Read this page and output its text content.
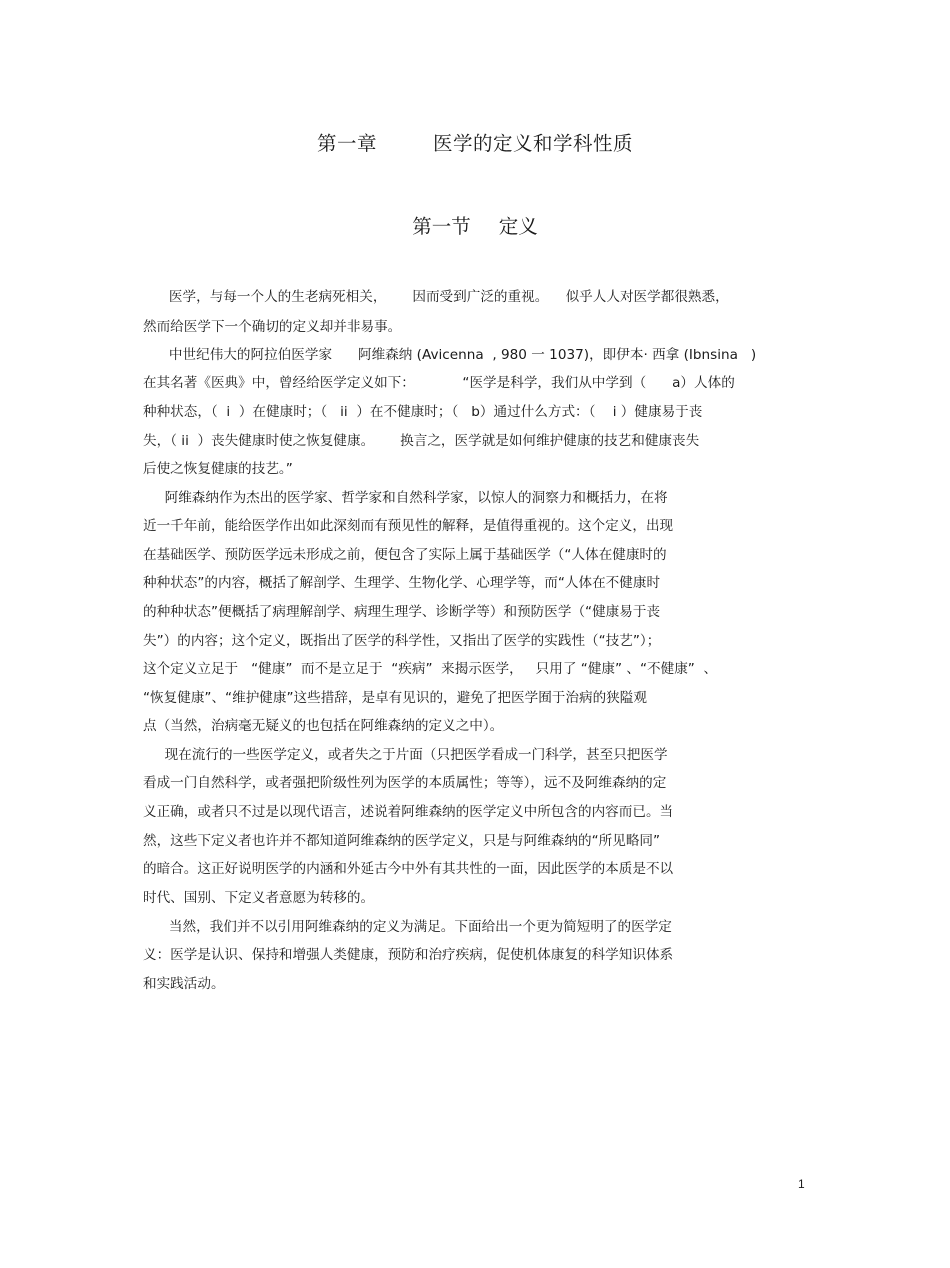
第一章	医学的定义和学科性质
第一节 定义

医学，与每一个人的生老病死相关，      因而受到广泛的重视。    似乎人人对医学都很熟悉，

然而给医学下一个确切的定义却并非易事。

中世纪伟大的阿拉伯医学家      阿维森纳 (Avicenna  , 980 一 1037)，即伊本· 西拿 (Ibnsina   )

在其名著《医典》中，曾经给医学定义如下：           “医学是科学，我们从中学到（      a）人体的

种种状态，（  i  ）在健康时；（   ii  ）在不健康时；（   b）通过什么方式：（    i ）健康易于丧

失，（ ii  ）丧失健康时使之恢复健康。      换言之，医学就是如何维护健康的技艺和健康丧失

后使之恢复健康的技艺。”

阿维森纳作为杰出的医学家、哲学家和自然科学家，以惊人的洞察力和概括力，在将

近一千年前，能给医学作出如此深刻而有预见性的解释，是值得重视的。这个定义，出现

在基础医学、预防医学远未形成之前，便包含了实际上属于基础医学（“人体在健康时的

种种状态”的内容，概括了解剖学、生理学、生物化学、心理学等，而“人体在不健康时

的种种状态”便概括了病理解剖学、病理生理学、诊断学等）和预防医学（“健康易于丧

失”）的内容；这个定义，既指出了医学的科学性，又指出了医学的实践性（“技艺”）；

这个定义立足于   “健康”  而不是立足于  “疾病”  来揭示医学，   只用了 “健康” 、“不健康”  、

“恢复健康”、“维护健康”这些措辞，是卓有见识的，避免了把医学囿于治病的狭隘观

点（当然，治病毫无疑义的也包括在阿维森纳的定义之中）。

现在流行的一些医学定义，或者失之于片面（只把医学看成一门科学，甚至只把医学

看成一门自然科学，或者强把阶级性列为医学的本质属性；等等），远不及阿维森纳的定

义正确，或者只不过是以现代语言，述说着阿维森纳的医学定义中所包含的内容而已。当

然，这些下定义者也许并不都知道阿维森纳的医学定义，只是与阿维森纳的“所见略同”

的暗合。这正好说明医学的内涵和外延古今中外有其共性的一面，因此医学的本质是不以

时代、国别、下定义者意愿为转移的。

当然，我们并不以引用阿维森纳的定义为满足。下面给出一个更为简短明了的医学定

义：医学是认识、保持和增强人类健康，预防和治疗疾病，促使机体康复的科学知识体系

和实践活动。

1
